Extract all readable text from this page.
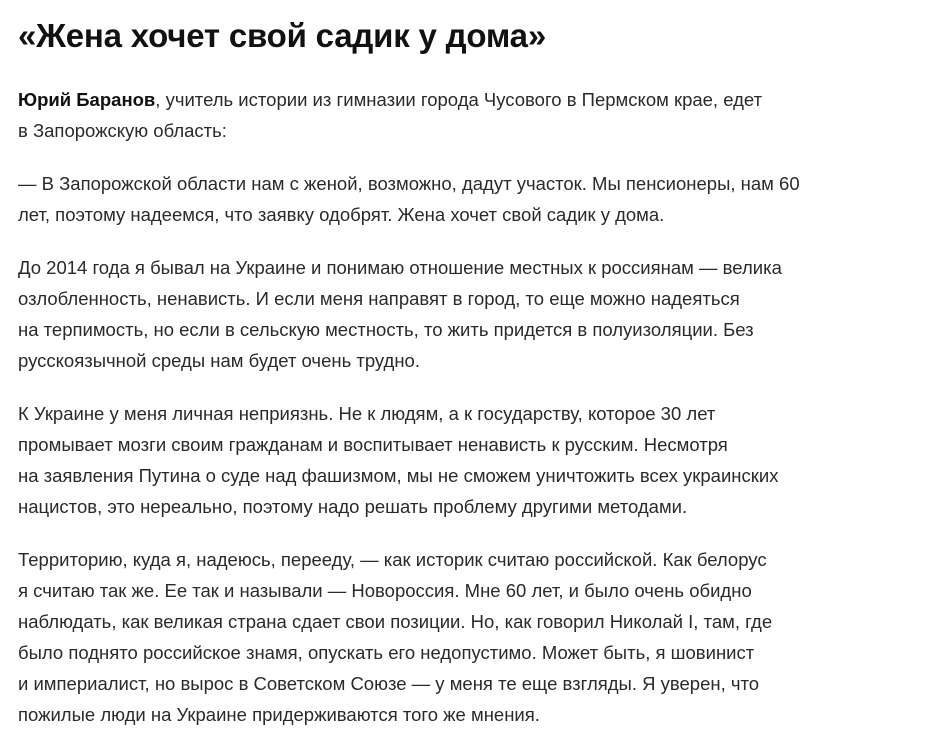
«Жена хочет свой садик у дома»

Юрий Баранов, учитель истории из гимназии города Чусового в Пермском крае, едет
в Запорожскую область:

— В Запорожской области нам с женой, возможно, дадут участок. Мы пенсионеры, нам 60
лет, поэтому надеемся, что заявку одобрят. Жена хочет свой садик у дома.

До 2014 года я бывал на Украине и понимаю отношение местных к россиянам — велика
озлобленность, ненависть. И если меня направят в город, то еще можно надеяться
на терпимость, но если в сельскую местность, то жить придется в полуизоляции. Без
русскоязычной среды нам будет очень трудно.

К Украине у меня личная неприязнь. Не к людям, а к государству, которое 30 лет
промывает мозги своим гражданам и воспитывает ненависть к русским. Несмотря
на заявления Путина о суде над фашизмом, мы не сможем уничтожить всех украинских
нацистов, это нереально, поэтому надо решать проблему другими методами.

Территорию, куда я, надеюсь, перееду, — как историк считаю российской. Как белорус
я считаю так же. Ее так и называли — Новороссия. Мне 60 лет, и было очень обидно
наблюдать, как великая страна сдает свои позиции. Но, как говорил Николай I, там, где
было поднято российское знамя, опускать его недопустимо. Может быть, я шовинист
и империалист, но вырос в Советском Союзе — у меня те еще взгляды. Я уверен, что
пожилые люди на Украине придерживаются того же мнения.
